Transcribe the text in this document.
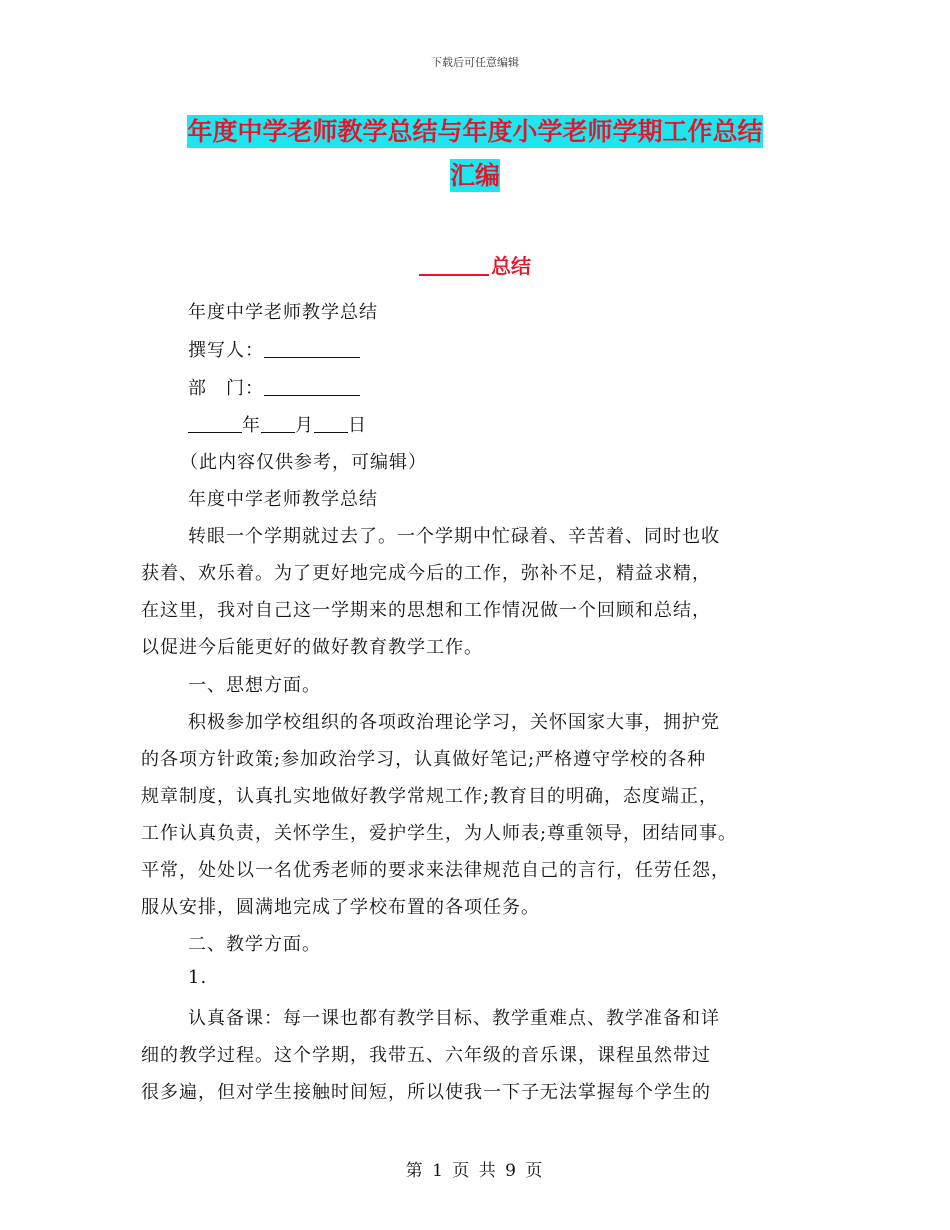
下载后可任意编辑
年度中学老师教学总结与年度小学老师学期工作总结
汇编
总结
年度中学老师教学总结
撰写人：
部　门：
年 月 日
（此内容仅供参考，可编辑）
年度中学老师教学总结
转眼一个学期就过去了。一个学期中忙碌着、辛苦着、同时也收
获着、欢乐着。为了更好地完成今后的工作，弥补不足，精益求精，
在这里，我对自己这一学期来的思想和工作情况做一个回顾和总结，
以促进今后能更好的做好教育教学工作。
一、思想方面。
积极参加学校组织的各项政治理论学习，关怀国家大事，拥护党
的各项方针政策;参加政治学习，认真做好笔记;严格遵守学校的各种
规章制度，认真扎实地做好教学常规工作;教育目的明确，态度端正，
工作认真负责，关怀学生，爱护学生，为人师表;尊重领导，团结同事。
平常，处处以一名优秀老师的要求来法律规范自己的言行，任劳任怨，
服从安排，圆满地完成了学校布置的各项任务。
二、教学方面。
1.
认真备课：每一课也都有教学目标、教学重难点、教学准备和详
细的教学过程。这个学期，我带五、六年级的音乐课，课程虽然带过
很多遍，但对学生接触时间短，所以使我一下子无法掌握每个学生的
第 1 页 共 9 页
